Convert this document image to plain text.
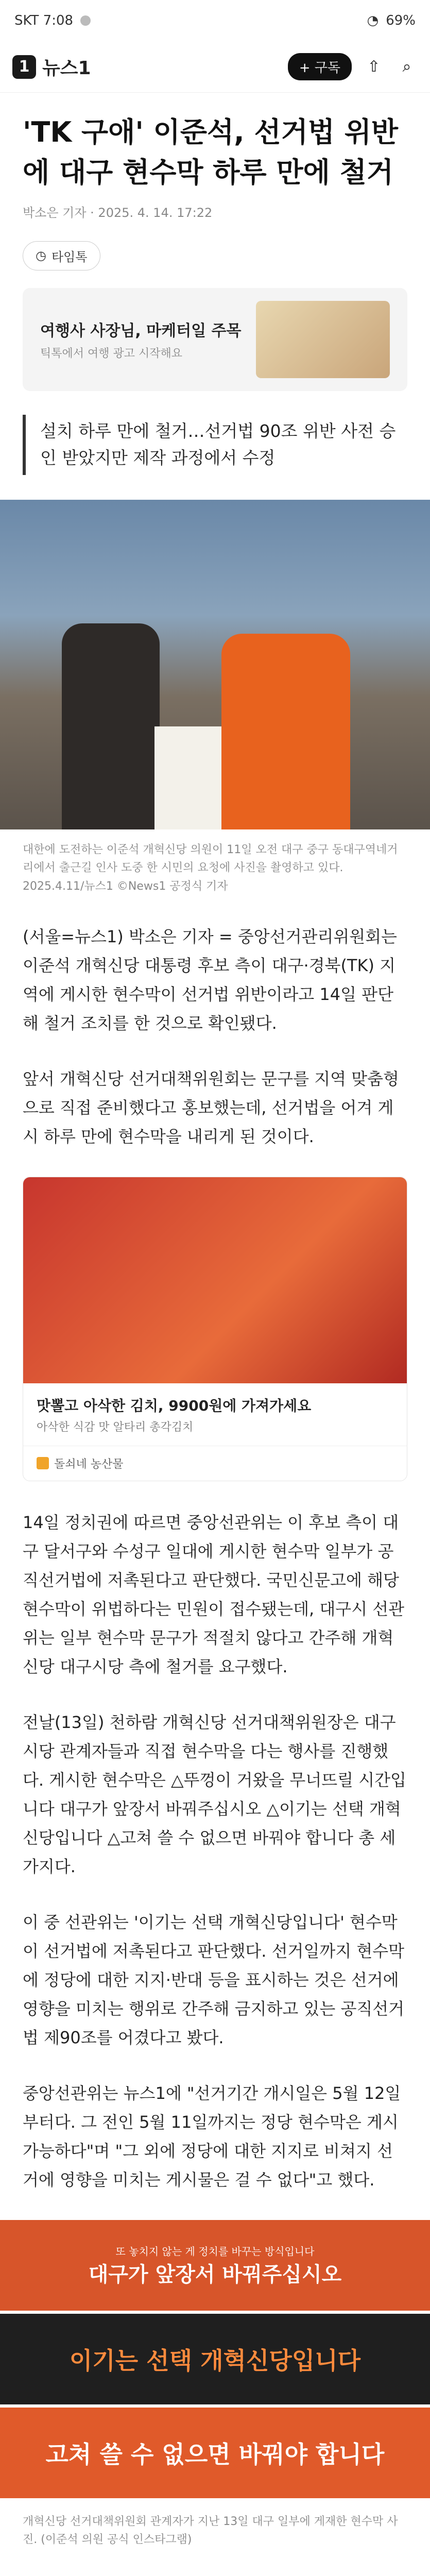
SKT 7:08	◔ 69%
1 뉴스1	+ 구독	⇧	⌕
'TK 구애' 이준석, 선거법 위반에 대구 현수막 하루 만에 철거
박소은 기자 · 2025. 4. 14. 17:22
◷ 타임톡
여행사 사장님, 마케터일 주목
틱톡에서 여행 광고 시작해요
설치 하루 만에 철거…선거법 90조 위반 사전 승인 받았지만 제작 과정에서 수정
대한에 도전하는 이준석 개혁신당 의원이 11일 오전 대구 중구 동대구역네거리에서 출근길 인사 도중 한 시민의 요청에 사진을 촬영하고 있다. 2025.4.11/뉴스1 ©News1 공정식 기자

(서울=뉴스1) 박소은 기자 = 중앙선거관리위원회는 이준석 개혁신당 대통령 후보 측이 대구·경북(TK) 지역에 게시한 현수막이 선거법 위반이라고 14일 판단해 철거 조치를 한 것으로 확인됐다.

앞서 개혁신당 선거대책위원회는 문구를 지역 맞춤형으로 직접 준비했다고 홍보했는데, 선거법을 어겨 게시 하루 만에 현수막을 내리게 된 것이다.

맛뽈고 아삭한 김치, 9900원에 가져가세요
아삭한 식감 맛 알타리 총각김치
돌쇠네 농산물

14일 정치권에 따르면 중앙선관위는 이 후보 측이 대구 달서구와 수성구 일대에 게시한 현수막 일부가 공직선거법에 저촉된다고 판단했다. 국민신문고에 해당 현수막이 위법하다는 민원이 접수됐는데, 대구시 선관위는 일부 현수막 문구가 적절치 않다고 간주해 개혁신당 대구시당 측에 철거를 요구했다.

전날(13일) 천하람 개혁신당 선거대책위원장은 대구시당 관계자들과 직접 현수막을 다는 행사를 진행했다. 게시한 현수막은 △뚜껑이 거왔을 무너뜨릴 시간입니다 대구가 앞장서 바꿔주십시오 △이기는 선택 개혁신당입니다 △고쳐 쓸 수 없으면 바꿔야 합니다 총 세 가지다.

이 중 선관위는 '이기는 선택 개혁신당입니다' 현수막이 선거법에 저촉된다고 판단했다. 선거일까지 현수막에 정당에 대한 지지·반대 등을 표시하는 것은 선거에 영향을 미치는 행위로 간주해 금지하고 있는 공직선거법 제90조를 어겼다고 봤다.

중앙선관위는 뉴스1에 "선거기간 개시일은 5월 12일부터다. 그 전인 5월 11일까지는 정당 현수막은 게시 가능하다"며 "그 외에 정당에 대한 지지로 비쳐지 선거에 영향을 미치는 게시물은 걸 수 없다"고 했다.

또 놓치지 않는 게 정치를 바꾸는 방식입니다
대구가 앞장서 바꿔주십시오
이기는 선택 개혁신당입니다
고쳐 쓸 수 없으면 바꿔야 합니다
개혁신당 선거대책위원회 관계자가 지난 13일 대구 일부에 게재한 현수막 사진. (이준석 의원 공식 인스타그램)
